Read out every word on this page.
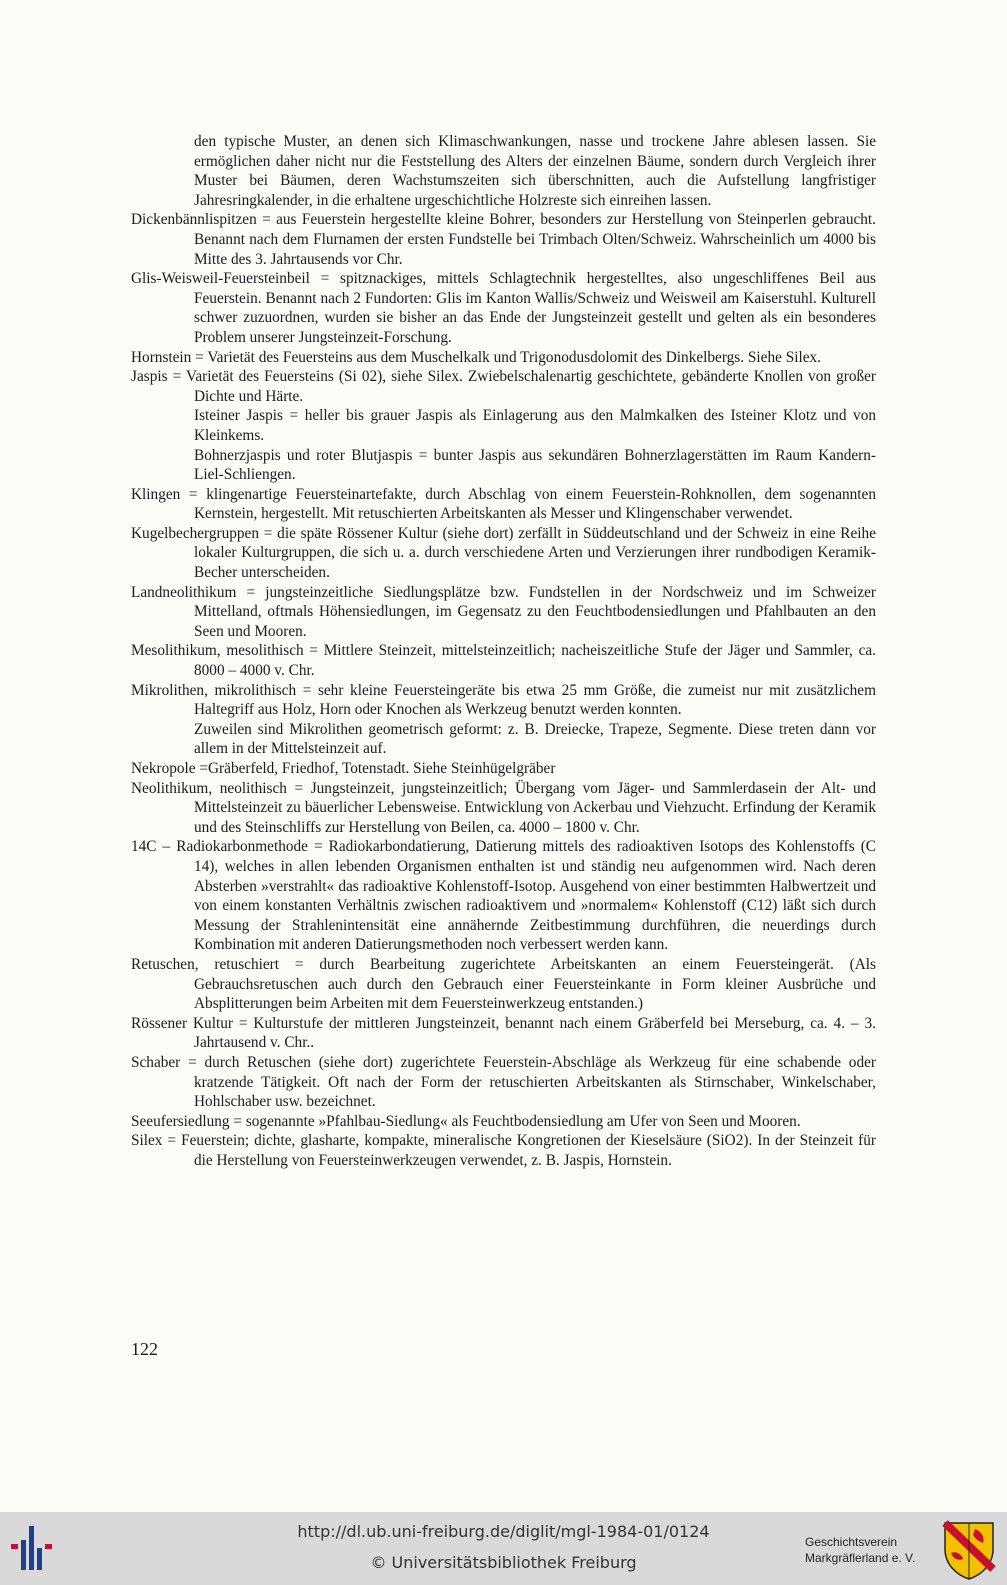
den typische Muster, an denen sich Klimaschwankungen, nasse und trockene Jahre ablesen lassen. Sie ermöglichen daher nicht nur die Feststellung des Alters der einzelnen Bäume, sondern durch Vergleich ihrer Muster bei Bäumen, deren Wachstumszeiten sich überschnitten, auch die Aufstellung langfristiger Jahresringkalender, in die erhaltene urgeschichtliche Holzreste sich einreihen lassen.

Dickenbännlispitzen = aus Feuerstein hergestellte kleine Bohrer, besonders zur Herstellung von Steinperlen gebraucht. Benannt nach dem Flurnamen der ersten Fundstelle bei Trimbach Olten/Schweiz. Wahrscheinlich um 4000 bis Mitte des 3. Jahrtausends vor Chr.

Glis-Weisweil-Feuersteinbeil = spitznackiges, mittels Schlagtechnik hergestelltes, also ungeschliffenes Beil aus Feuerstein. Benannt nach 2 Fundorten: Glis im Kanton Wallis/Schweiz und Weisweil am Kaiserstuhl. Kulturell schwer zuzuordnen, wurden sie bisher an das Ende der Jungsteinzeit gestellt und gelten als ein besonderes Problem unserer Jungsteinzeit-Forschung.

Hornstein = Varietät des Feuersteins aus dem Muschelkalk und Trigonodusdolomit des Dinkelbergs. Siehe Silex.

Jaspis = Varietät des Feuersteins (Si 02), siehe Silex. Zwiebelschalenartig geschichtete, gebänderte Knollen von großer Dichte und Härte.

Isteiner Jaspis = heller bis grauer Jaspis als Einlagerung aus den Malmkalken des Isteiner Klotz und von Kleinkems.

Bohnerzjaspis und roter Blutjaspis = bunter Jaspis aus sekundären Bohnerzlagerstätten im Raum Kandern-Liel-Schliengen.

Klingen = klingenartige Feuersteinartefakte, durch Abschlag von einem Feuerstein-Rohknollen, dem sogenannten Kernstein, hergestellt. Mit retuschierten Arbeitskanten als Messer und Klingenschaber verwendet.

Kugelbechergruppen = die späte Rössener Kultur (siehe dort) zerfällt in Süddeutschland und der Schweiz in eine Reihe lokaler Kulturgruppen, die sich u. a. durch verschiedene Arten und Verzierungen ihrer rundbodigen Keramik-Becher unterscheiden.

Landneolithikum = jungsteinzeitliche Siedlungsplätze bzw. Fundstellen in der Nordschweiz und im Schweizer Mittelland, oftmals Höhensiedlungen, im Gegensatz zu den Feuchtbodensiedlungen und Pfahlbauten an den Seen und Mooren.

Mesolithikum, mesolithisch = Mittlere Steinzeit, mittelsteinzeitlich; nacheiszeitliche Stufe der Jäger und Sammler, ca. 8000 – 4000 v. Chr.

Mikrolithen, mikrolithisch = sehr kleine Feuersteingeräte bis etwa 25 mm Größe, die zumeist nur mit zusätzlichem Haltegriff aus Holz, Horn oder Knochen als Werkzeug benutzt werden konnten.

Zuweilen sind Mikrolithen geometrisch geformt: z. B. Dreiecke, Trapeze, Segmente. Diese treten dann vor allem in der Mittelsteinzeit auf.

Nekropole =Gräberfeld, Friedhof, Totenstadt. Siehe Steinhügelgräber

Neolithikum, neolithisch = Jungsteinzeit, jungsteinzeitlich; Übergang vom Jäger- und Sammlerdasein der Alt- und Mittelsteinzeit zu bäuerlicher Lebensweise. Entwicklung von Ackerbau und Viehzucht. Erfindung der Keramik und des Steinschliffs zur Herstellung von Beilen, ca. 4000 – 1800 v. Chr.

14C – Radiokarbonmethode = Radiokarbondatierung, Datierung mittels des radioaktiven Isotops des Kohlenstoffs (C 14), welches in allen lebenden Organismen enthalten ist und ständig neu aufgenommen wird. Nach deren Absterben »verstrahlt« das radioaktive Kohlenstoff-Isotop. Ausgehend von einer bestimmten Halbwertzeit und von einem konstanten Verhältnis zwischen radioaktivem und »normalem« Kohlenstoff (C12) läßt sich durch Messung der Strahlenintensität eine annähernde Zeitbestimmung durchführen, die neuerdings durch Kombination mit anderen Datierungsmethoden noch verbessert werden kann.

Retuschen, retuschiert = durch Bearbeitung zugerichtete Arbeitskanten an einem Feuersteingerät. (Als Gebrauchsretuschen auch durch den Gebrauch einer Feuersteinkante in Form kleiner Ausbrüche und Absplitterungen beim Arbeiten mit dem Feuersteinwerkzeug entstanden.)

Rössener Kultur = Kulturstufe der mittleren Jungsteinzeit, benannt nach einem Gräberfeld bei Merseburg, ca. 4. – 3. Jahrtausend v. Chr..

Schaber = durch Retuschen (siehe dort) zugerichtete Feuerstein-Abschläge als Werkzeug für eine schabende oder kratzende Tätigkeit. Oft nach der Form der retuschierten Arbeitskanten als Stirnschaber, Winkelschaber, Hohlschaber usw. bezeichnet.

Seeufersiedlung = sogenannte »Pfahlbau-Siedlung« als Feuchtbodensiedlung am Ufer von Seen und Mooren.

Silex = Feuerstein; dichte, glasharte, kompakte, mineralische Kongretionen der Kieselsäure (SiO2). In der Steinzeit für die Herstellung von Feuersteinwerkzeugen verwendet, z. B. Jaspis, Hornstein.

122
http://dl.ub.uni-freiburg.de/diglit/mgl-1984-01/0124
© Universitätsbibliothek Freiburg
Geschichtsverein
Markgräflerland e. V.
